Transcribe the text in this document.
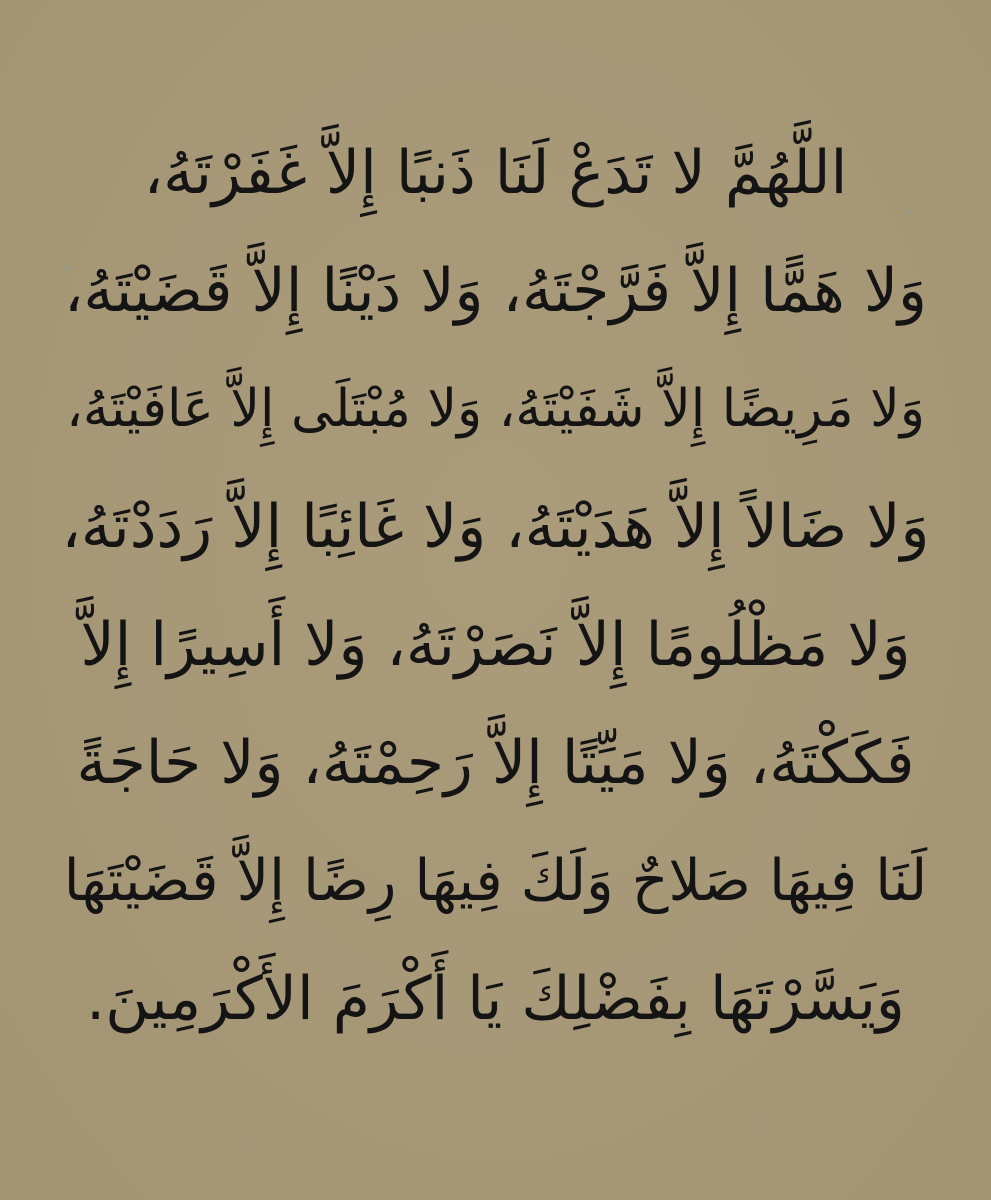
اللَّهُمَّ لا تَدَعْ لَنَا ذَنبًا إِلاَّ غَفَرْتَهُ،
وَلا هَمًّا إِلاَّ فَرَّجْتَهُ، وَلا دَيْنًا إِلاَّ قَضَيْتَهُ،
وَلا مَرِيضًا إِلاَّ شَفَيْتَهُ، وَلا مُبْتَلَى إِلاَّ عَافَيْتَهُ،
وَلا ضَالاً إِلاَّ هَدَيْتَهُ، وَلا غَائِبًا إِلاَّ رَدَدْتَهُ،
وَلا مَظْلُومًا إِلاَّ نَصَرْتَهُ، وَلا أَسِيرًا إِلاَّ
فَكَكْتَهُ، وَلا مَيِّتًا إِلاَّ رَحِمْتَهُ، وَلا حَاجَةً
لَنَا فِيهَا صَلاحٌ وَلَكَ فِيهَا رِضًا إِلاَّ قَضَيْتَهَا
وَيَسَّرْتَهَا بِفَضْلِكَ يَا أَكْرَمَ الأَكْرَمِينَ.
